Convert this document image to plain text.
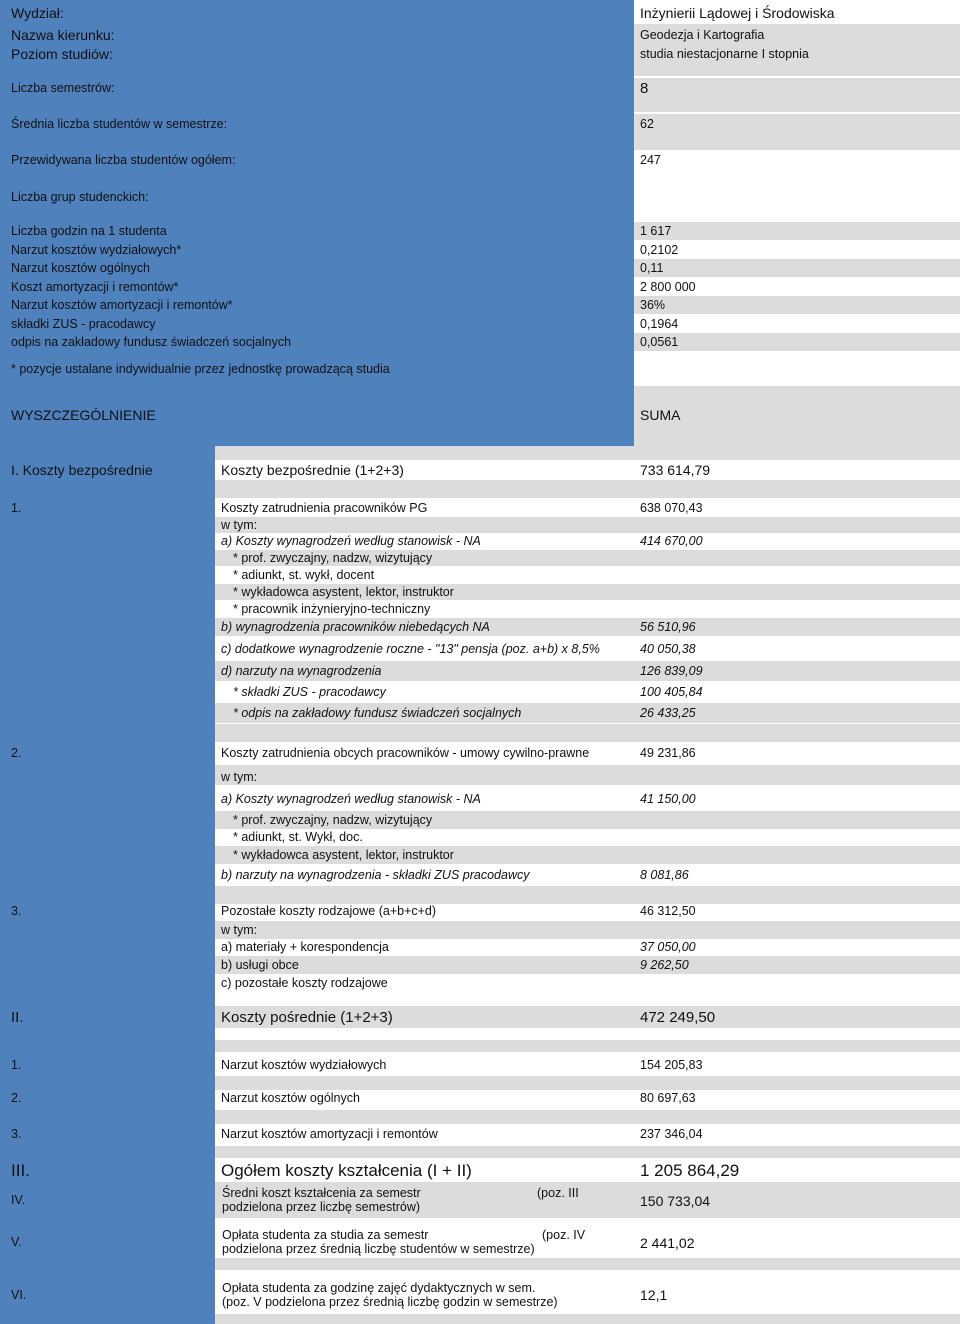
Wydział:	Inżynierii Lądowej i Środowiska
Nazwa kierunku:	Geodezja i Kartografia
Poziom studiów:	studia niestacjonarne I stopnia
Liczba semestrów:	8
Średnia liczba studentów w semestrze:	62
Przewidywana liczba studentów ogółem:	247
Liczba grup studenckich:
Liczba godzin na 1 studenta	1 617
Narzut kosztów wydziałowych*	0,2102
Narzut kosztów ogólnych	0,11
Koszt amortyzacji i remontów*	2 800 000
Narzut kosztów amortyzacji i remontów*	36%
składki ZUS - pracodawcy	0,1964
odpis na zakładowy fundusz świadczeń socjalnych	0,0561
* pozycje ustalane indywidualnie przez jednostkę prowadzącą studia
WYSZCZEGÓLNIENIE	SUMA
I. Koszty bezpośrednie	Koszty bezpośrednie (1+2+3)	733 614,79
1.	Koszty zatrudnienia pracowników PG	638 070,43
w tym:
a) Koszty wynagrodzeń według stanowisk - NA	414 670,00
* prof. zwyczajny, nadzw, wizytujący
* adiunkt, st. wykł, docent
* wykładowca asystent, lektor, instruktor
* pracownik inżynieryjno-techniczny
b) wynagrodzenia pracowników niebedących NA	56 510,96
c) dodatkowe wynagrodzenie roczne - "13" pensja (poz. a+b) x 8,5%	40 050,38
d) narzuty na wynagrodzenia	126 839,09
* składki ZUS - pracodawcy	100 405,84
* odpis na zakładowy fundusz świadczeń socjalnych	26 433,25
2.	Koszty zatrudnienia obcych pracowników - umowy cywilno-prawne	49 231,86
w tym:
a) Koszty wynagrodzeń według stanowisk - NA	41 150,00
* prof. zwyczajny, nadzw, wizytujący
* adiunkt, st. Wykł, doc.
* wykładowca asystent, lektor, instruktor
b) narzuty na wynagrodzenia - składki ZUS pracodawcy	8 081,86
3.	Pozostałe koszty rodzajowe (a+b+c+d)	46 312,50
w tym:
a) materiały + korespondencja	37 050,00
b) usługi obce	9 262,50
c) pozostałe koszty rodzajowe
II.	Koszty pośrednie (1+2+3)	472 249,50
1.	Narzut kosztów wydziałowych	154 205,83
2.	Narzut kosztów ogólnych	80 697,63
3.	Narzut kosztów amortyzacji i remontów	237 346,04
III.	Ogółem koszty kształcenia (I + II)	1 205 864,29
IV.	Średni koszt kształcenia za semestr	(poz. III
podzielona przez liczbę semestrów)	150 733,04
V.	Opłata studenta za studia za semestr	(poz. IV
podzielona przez średnią liczbę studentów w semestrze)	2 441,02
VI.	Opłata studenta za godzinę zajęć dydaktycznych w sem.
(poz. V podzielona przez średnią liczbę godzin w semestrze)	12,1
